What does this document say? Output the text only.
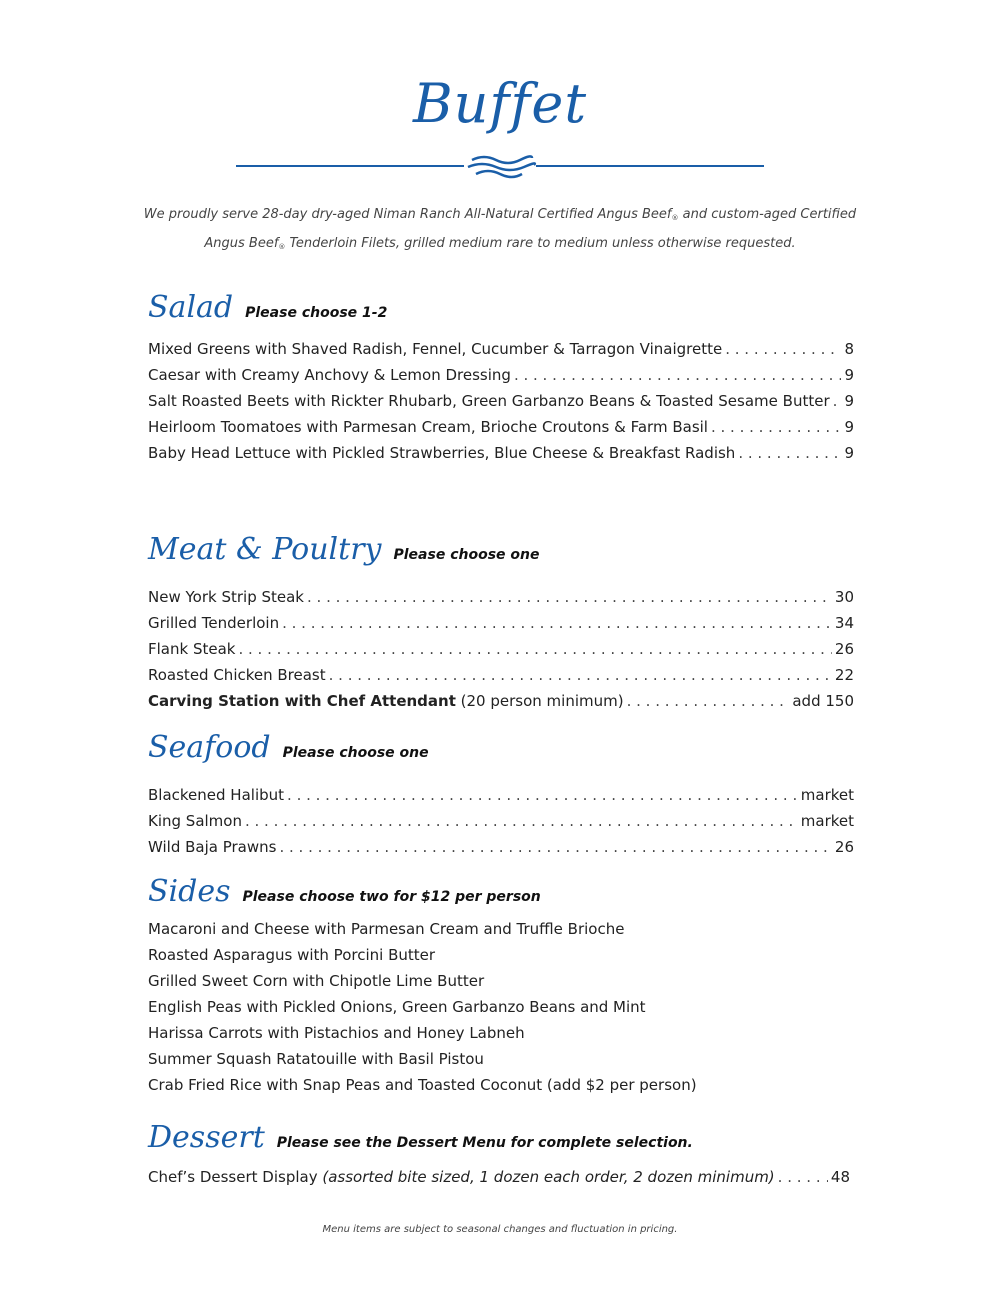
Buffet
We proudly serve 28-day dry-aged Niman Ranch All-Natural Certified Angus Beef$_®$ and custom-aged Certified
Angus Beef$_®$ Tenderloin Filets, grilled medium rare to medium unless otherwise requested.
Salad Please choose 1-2
Mixed Greens with Shaved Radish, Fennel, Cucumber & Tarragon Vinaigrette . . .	8
Caesar with Creamy Anchovy & Lemon Dressing . . .	9
Salt Roasted Beets with Rickter Rhubarb, Green Garbanzo Beans & Toasted Sesame Butter . . . 9
Heirloom Toomatoes with Parmesan Cream, Brioche Croutons & Farm Basil . . .	9
Baby Head Lettuce with Pickled Strawberries, Blue Cheese & Breakfast Radish . . .	9
Meat & Poultry Please choose one
New York Strip Steak . . .	30
Grilled Tenderloin . . .	34
Flank Steak . . .	26
Roasted Chicken Breast . . .	22
Carving Station with Chef Attendant (20 person minimum) . . .	add 150
Seafood Please choose one
Blackened Halibut . . .	market
King Salmon . . .	market
Wild Baja Prawns . . .	26
Sides Please choose two for $12 per person
Macaroni and Cheese with Parmesan Cream and Truffle Brioche
Roasted Asparagus with Porcini Butter
Grilled Sweet Corn with Chipotle Lime Butter
English Peas with Pickled Onions, Green Garbanzo Beans and Mint
Harissa Carrots with Pistachios and Honey Labneh
Summer Squash Ratatouille with Basil Pistou
Crab Fried Rice with Snap Peas and Toasted Coconut (add $2 per person)
Dessert Please see the Dessert Menu for complete selection.
Chef’s Dessert Display (assorted bite sized, 1 dozen each order, 2 dozen minimum) . . .	48
Menu items are subject to seasonal changes and fluctuation in pricing.
